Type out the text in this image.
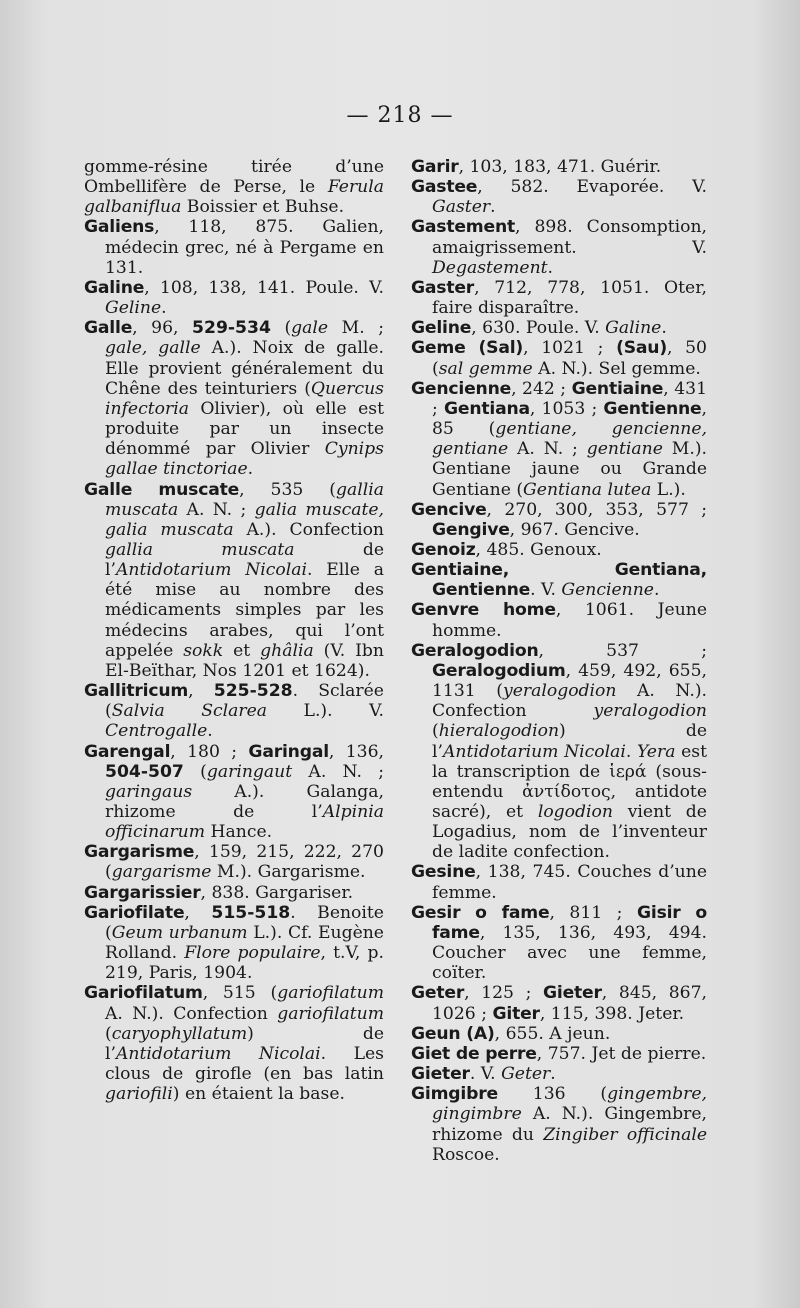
— 218 —

gomme-résine tirée d’une Ombellifère de Perse, le Ferula galbaniflua Boissier et Buhse.

Galiens, 118, 875. Galien, médecin grec, né à Pergame en 131.

Galine, 108, 138, 141. Poule. V. Geline.

Galle, 96, 529-534 (gale M. ; gale, galle A.). Noix de galle. Elle provient généralement du Chêne des teinturiers (Quercus infectoria Olivier), où elle est produite par un insecte dénommé par Olivier Cynips gallae tinctoriae.

Galle muscate, 535 (gallia muscata A. N. ; galia muscate, galia muscata A.). Confection gallia muscata de l’Antidotarium Nicolai. Elle a été mise au nombre des médicaments simples par les médecins arabes, qui l’ont appelée sokk et ghâlia (V. Ibn El-Beïthar, Nos 1201 et 1624).

Gallitricum, 525-528. Sclarée (Salvia Sclarea L.). V. Centrogalle.

Garengal, 180 ; Garingal, 136, 504-507 (garingaut A. N. ; garingaus A.). Galanga, rhizome de l’Alpinia officinarum Hance.

Gargarisme, 159, 215, 222, 270 (gargarisme M.). Gargarisme.

Gargarissier, 838. Gargariser.

Gariofilate, 515-518. Benoite (Geum urbanum L.). Cf. Eugène Rolland. Flore populaire, t.V, p. 219, Paris, 1904.

Gariofilatum, 515 (gariofilatum A. N.). Confection gariofilatum (caryophyllatum) de l’Antidotarium Nicolai. Les clous de girofle (en bas latin gariofili) en étaient la base.

Garir, 103, 183, 471. Guérir.

Gastee, 582. Evaporée. V. Gaster.

Gastement, 898. Consomption, amaigrissement. V. Degastement.

Gaster, 712, 778, 1051. Oter, faire disparaître.

Geline, 630. Poule. V. Galine.

Geme (Sal), 1021 ; (Sau), 50 (sal gemme A. N.). Sel gemme.

Gencienne, 242 ; Gentiaine, 431 ; Gentiana, 1053 ; Gentienne, 85 (gentiane, gencienne, gentiane A. N. ; gentiane M.). Gentiane jaune ou Grande Gentiane (Gentiana lutea L.).

Gencive, 270, 300, 353, 577 ; Gengive, 967. Gencive.

Genoiz, 485. Genoux.

Gentiaine, Gentiana, Gentienne. V. Gencienne.

Genvre home, 1061. Jeune homme.

Geralogodion, 537 ; Geralogodium, 459, 492, 655, 1131 (yeralogodion A. N.). Confection yeralogodion (hieralogodion) de l’Antidotarium Nicolai. Yera est la transcription de ἱερά (sous-entendu ἀντίδοτος, antidote sacré), et logodion vient de Logadius, nom de l’inventeur de ladite confection.

Gesine, 138, 745. Couches d’une femme.

Gesir o fame, 811 ; Gisir o fame, 135, 136, 493, 494. Coucher avec une femme, coïter.

Geter, 125 ; Gieter, 845, 867, 1026 ; Giter, 115, 398. Jeter.

Geun (A), 655. A jeun.

Giet de perre, 757. Jet de pierre.

Gieter. V. Geter.

Gimgibre 136 (gingembre, gingimbre A. N.). Gingembre, rhizome du Zingiber officinale Roscoe.
